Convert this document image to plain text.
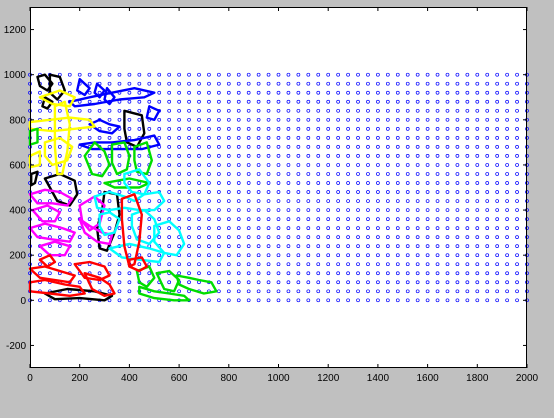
0	200	400	600	800	1000	1200	1400	1600	1800	2000
-200
0
200
400
600
800
1000
1200
